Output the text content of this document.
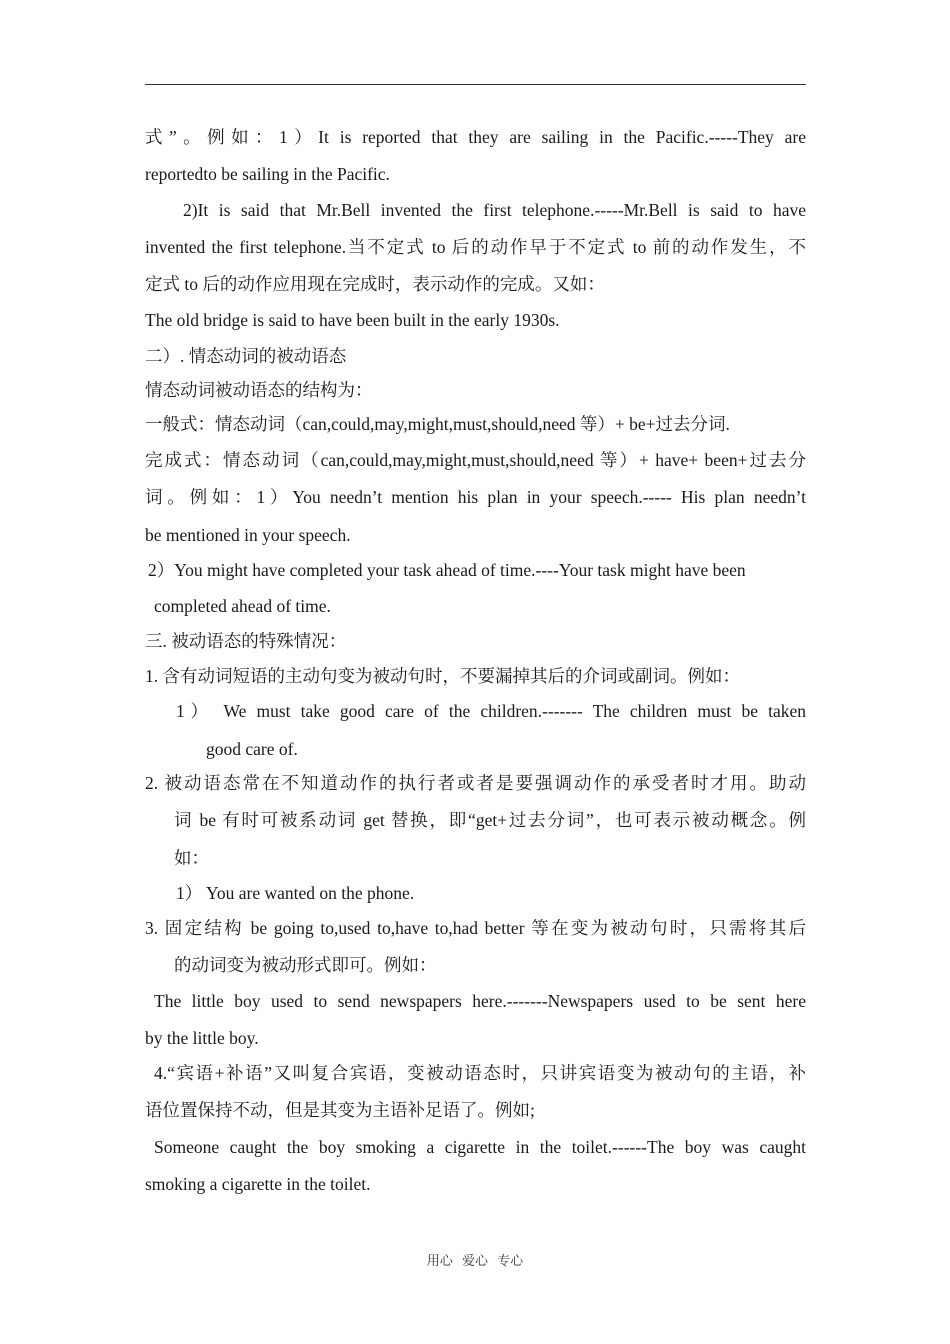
式”。例如：1）It is reported that they are sailing in the Pacific.-----They are
reportedto be sailing in the Pacific.
2)It is said that Mr.Bell invented the first telephone.-----Mr.Bell is said to have
invented the first telephone.当不定式 to 后的动作早于不定式 to 前的动作发生，不
定式 to 后的动作应用现在完成时，表示动作的完成。又如：
The old bridge is said to have been built in the early 1930s.
二）. 情态动词的被动语态
情态动词被动语态的结构为：
一般式：情态动词（can,could,may,might,must,should,need 等）+ be+过去分词.
完成式：情态动词（can,could,may,might,must,should,need 等）+ have+ been+过去分
词。例如：1）You needn’t mention his plan in your speech.----- His plan needn’t
be mentioned in your speech.
2）You might have completed your task ahead of time.----Your task might have been
completed ahead of time.
三. 被动语态的特殊情况：
1. 含有动词短语的主动句变为被动句时，不要漏掉其后的介词或副词。例如：
1） We must take good care of the children.------- The children must be taken
good care of.
2. 被动语态常在不知道动作的执行者或者是要强调动作的承受者时才用。助动
词 be 有时可被系动词 get 替换，即“get+过去分词”，也可表示被动概念。例
如：
1） You are wanted on the phone.
3. 固定结构 be going to,used to,have to,had better 等在变为被动句时，只需将其后
的动词变为被动形式即可。例如：
The little boy used to send newspapers here.-------Newspapers used to be sent here
by the little boy.
4.“宾语+补语”又叫复合宾语，变被动语态时，只讲宾语变为被动句的主语，补
语位置保持不动，但是其变为主语补足语了。例如;
Someone caught the boy smoking a cigarette in the toilet.------The boy was caught
smoking a cigarette in the toilet.
用心 爱心 专心
